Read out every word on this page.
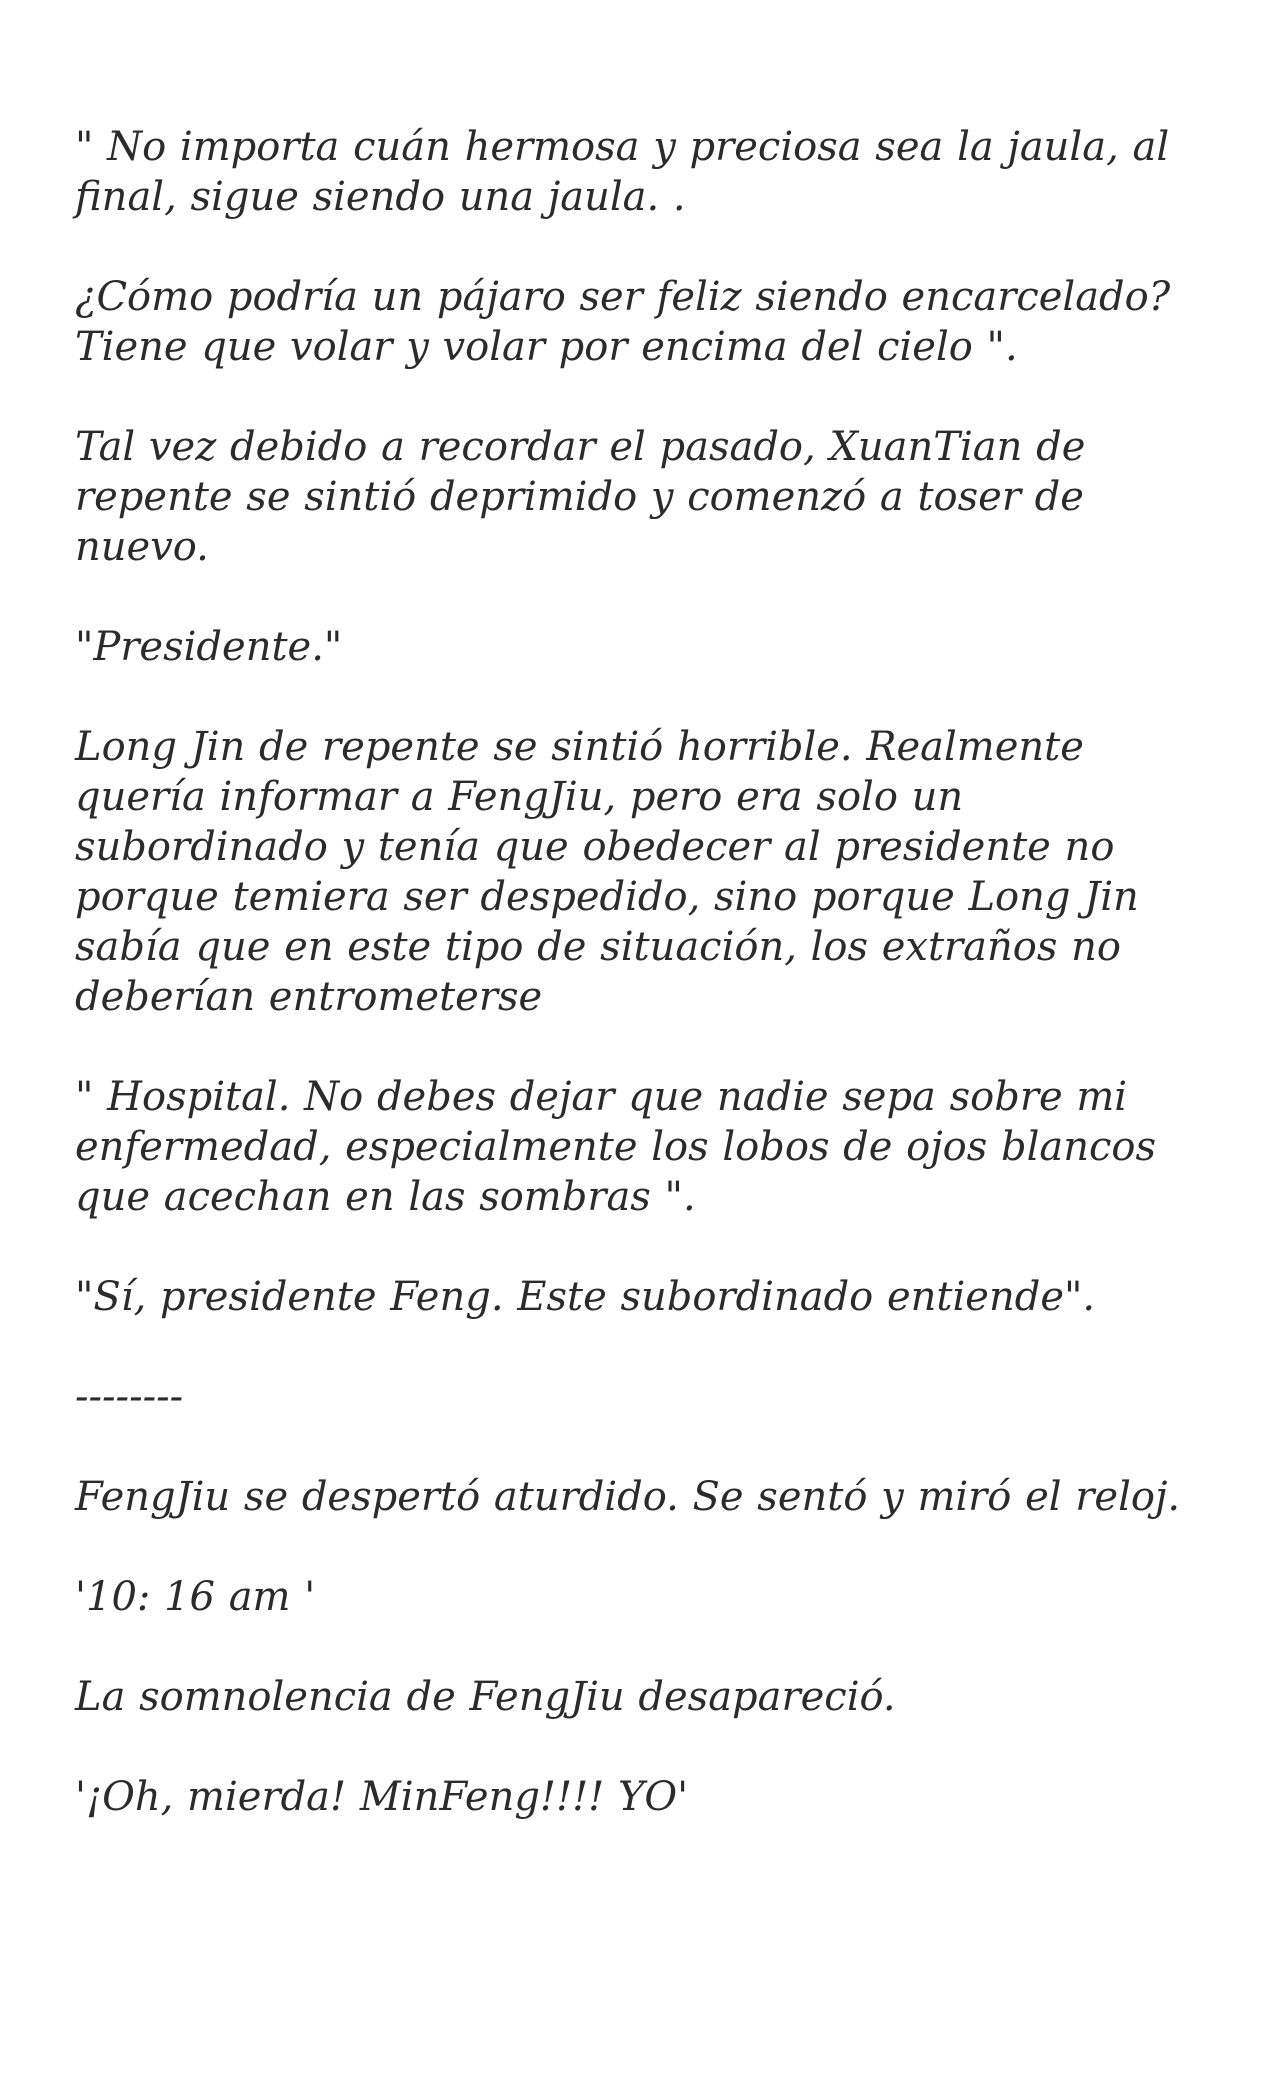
" No importa cuán hermosa y preciosa sea la jaula, al final, sigue siendo una jaula. .

¿Cómo podría un pájaro ser feliz siendo encarcelado? Tiene que volar y volar por encima del cielo ".

Tal vez debido a recordar el pasado, XuanTian de repente se sintió deprimido y comenzó a toser de nuevo.

"Presidente."

Long Jin de repente se sintió horrible. Realmente quería informar a FengJiu, pero era solo un subordinado y tenía que obedecer al presidente no porque temiera ser despedido, sino porque Long Jin sabía que en este tipo de situación, los extraños no deberían entrometerse

" Hospital. No debes dejar que nadie sepa sobre mi enfermedad, especialmente los lobos de ojos blancos que acechan en las sombras ".

"Sí, presidente Feng. Este subordinado entiende".

--------

FengJiu se despertó aturdido. Se sentó y miró el reloj.

'10: 16 am '

La somnolencia de FengJiu desapareció.

'¡Oh, mierda! MinFeng!!!! YO'
